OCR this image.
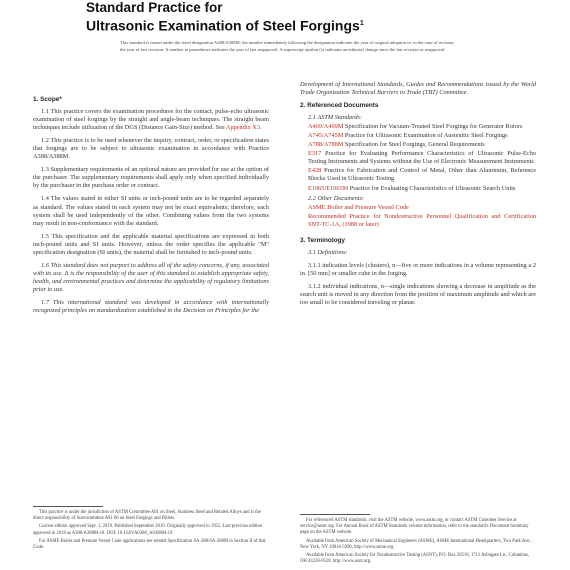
Standard Practice for
Ultrasonic Examination of Steel Forgings$^1$
This standard is issued under the fixed designation A388/A388M; the number immediately following the designation indicates the year of original adoption or, in the case of revision, the year of last revision. A number in parentheses indicates the year of last reapproval. A superscript epsilon (ε) indicates an editorial change since the last revision or reapproval.
1. Scope*
1.1 This practice covers the examination procedures for the contact, pulse-echo ultrasonic examination of steel forgings by the straight and angle-beam techniques. The straight beam techniques include utilization of the DGS (Distance Gain-Size) method. See Appendix X3.
1.2 This practice is to be used whenever the inquiry, contract, order, or specification states that forgings are to be subject to ultrasonic examination in accordance with Practice A388/A388M.
1.3 Supplementary requirements of an optional nature are provided for use at the option of the purchaser. The supplementary requirements shall apply only when specified individually by the purchaser in the purchase order or contract.
1.4 The values stated in either SI units or inch-pound units are to be regarded separately as standard. The values stated in each system may not be exact equivalents; therefore, each system shall be used independently of the other. Combining values from the two systems may result in non-conformance with the standard.
1.5 This specification and the applicable material specifications are expressed in both inch-pound units and SI units. However, unless the order specifies the applicable "M" specification designation (SI units), the material shall be furnished to inch-pound units.
1.6 This standard does not purport to address all of the safety concerns, if any, associated with its use. It is the responsibility of the user of this standard to establish appropriate safety, health, and environmental practices and determine the applicability of regulatory limitations prior to use.
1.7 This international standard was developed in accordance with internationally recognized principles on standardization established in the Decision on Principles for the
Development of International Standards, Guides and Recommendations issued by the World Trade Organization Technical Barriers to Trade (TBT) Committee.
2. Referenced Documents
2.1 ASTM Standards:
A469/A469M Specification for Vacuum-Treated Steel Forgings for Generator Rotors
A745/A745M Practice for Ultrasonic Examination of Austenitic Steel Forgings
A788/A788M Specification for Steel Forgings, General Requirements
E317 Practice for Evaluating Performance Characteristics of Ultrasonic Pulse-Echo Testing Instruments and Systems without the Use of Electronic Measurement Instruments
E428 Practice for Fabrication and Control of Metal, Other than Aluminum, Reference Blocks Used in Ultrasonic Testing
E1065/E1065M Practice for Evaluating Characteristics of Ultrasonic Search Units
2.2 Other Documents:
ASME Boiler and Pressure Vessel Code
Recommended Practice for Nondestructive Personnel Qualification and Certification SNT-TC-1A, (1988 or later)
3. Terminology
3.1 Definitions:
3.1.1 indication levels (clusters), n—five or more indications in a volume representing a 2 in. [50 mm] or smaller cube in the forging.
3.1.2 individual indications, n—single indications showing a decrease in amplitude as the search unit is moved in any direction from the position of maximum amplitude and which are too small to be considered traveling or planar.
This practice is under the jurisdiction of ASTM Committee A01 on Steel, Stainless Steel and Related Alloys and is the direct responsibility of Subcommittee A01.06 on Steel Forgings and Billets.
Current edition approved Sept. 1, 2019. Published September 2019. Originally approved in 1955. Last previous edition approved in 2018 as A388/A388M-18. DOI: 10.1520/A0388_A0388M-19.
For ASME Boiler and Pressure Vessel Code applications see related Specification SA-388/SA-388M in Section II of that Code.
For referenced ASTM standards, visit the ASTM website, www.astm.org, or contact ASTM Customer Service at service@astm.org. For Annual Book of ASTM Standards volume information, refer to the standard's Document Summary page on the ASTM website.
Available from American Society of Mechanical Engineers (ASME), ASME International Headquarters, Two Park Ave., New York, NY 10016-5990, http://www.asme.org.
Available from American Society for Nondestructive Testing (ASNT), P.O. Box 28518, 1711 Arlingate Ln., Columbus, OH 43228-0518, http://www.asnt.org.
